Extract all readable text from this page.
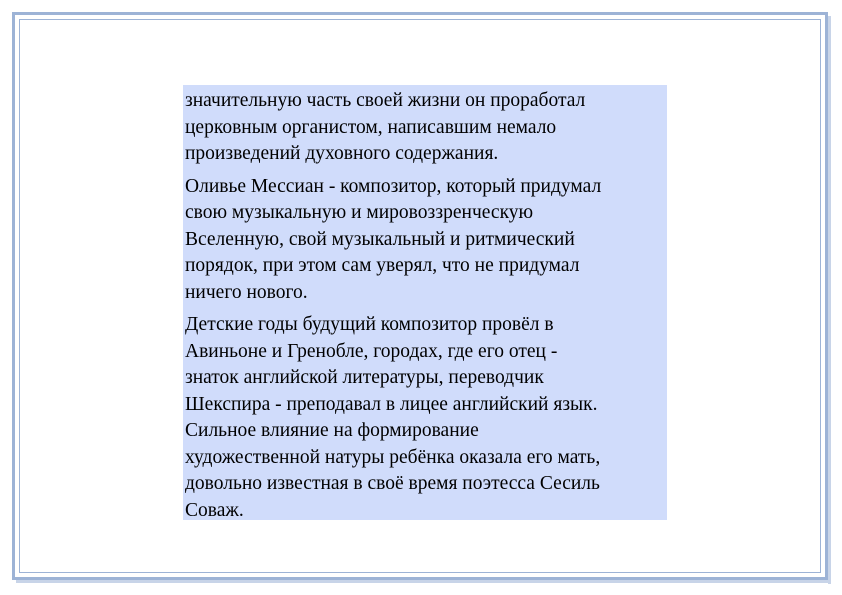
значительную часть своей жизни он проработал
церковным органистом, написавшим немало
произведений духовного содержания.

Оливье Мессиан - композитор, который придумал
свою музыкальную и мировоззренческую
Вселенную, свой музыкальный и ритмический
порядок, при этом сам уверял, что не придумал
ничего нового.

Детские годы будущий композитор провёл в
Авиньоне и Гренобле, городах, где его отец -
знаток английской литературы, переводчик
Шекспира - преподавал в лицее английский язык.
Сильное влияние на формирование
художественной натуры ребёнка оказала его мать,
довольно известная в своё время поэтесса Сесиль
Соваж.
